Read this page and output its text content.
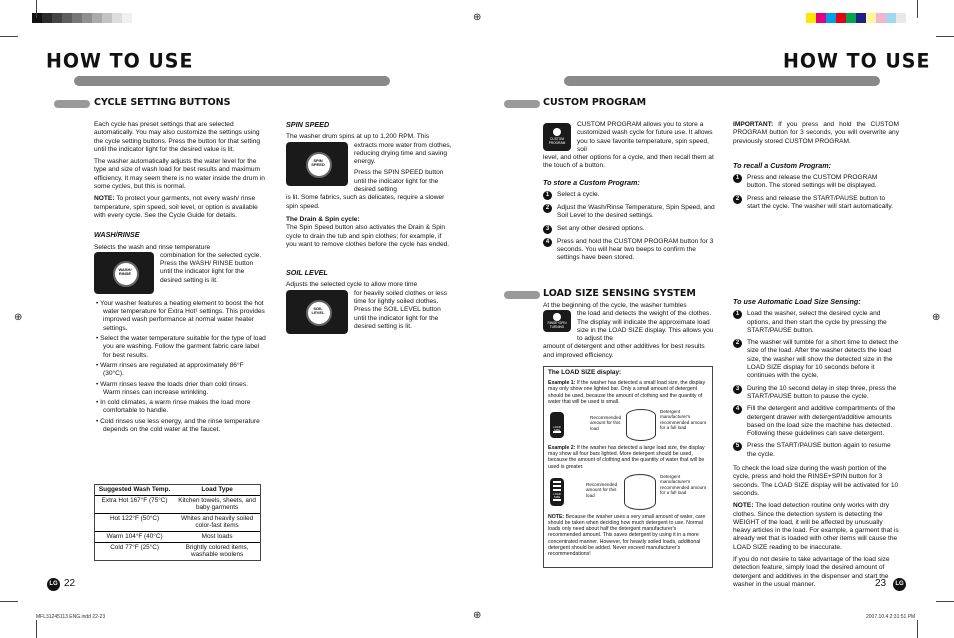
⊕
⊕	⊕
⊕
HOW TO USE	HOW TO USE
CYCLE SETTING BUTTONS
Each cycle has preset settings that are selected automatically. You may also customize the settings using the cycle setting buttons. Press the button for that setting until the indicator light for the desired value is lit.
The washer automatically adjusts the water level for the type and size of wash load for best results and maximum efficiency. It may seem there is no water inside the drum in some cycles, but this is normal.
NOTE: To protect your garments, not every wash/ rinse temperature, spin speed, soil level, or option is available with every cycle. See the Cycle Guide for details.
WASH/RINSE
Selects the wash and rinse temperature
WASH/ RINSE
combination for the selected cycle. Press the WASH/ RINSE button until the indicator light for the desired setting is lit.
• Your washer features a heating element to boost the hot water temperature for Extra Hot¹ settings. This provides improved wash performance at normal water heater settings.
• Select the water temperature suitable for the type of load you are washing. Follow the garment fabric care label for best results.
• Warm rinses are regulated at approximately 86°F (30°C).
• Warm rinses leave the loads drier than cold rinses. Warm rinses can increase wrinkling.
• In cold climates, a warm rinse makes the load more comfortable to handle.
• Cold rinses use less energy, and the rinse temperature depends on the cold water at the faucet.
Suggested Wash Temp.	Load Type
Extra Hot 167°F (75°C)	Kitchen towels, sheets, and baby garments
Hot 122°F (50°C)	Whites and heavily soiled color-fast items
Warm 104°F (40°C)	Most loads
Cold 77°F (25°C)	Brightly colored items, washable woolens
LG 22
SPIN SPEED
The washer drum spins at up to 1,200 RPM. This
SPIN SPEED
extracts more water from clothes, reducing drying time and saving energy.
Press the SPIN SPEED button until the indicator light for the desired setting
is lit. Some fabrics, such as delicates, require a slower spin speed.
The Drain & Spin cycle:
The Spin Speed button also activates the Drain & Spin cycle to drain the tub and spin clothes; for example, if you want to remove clothes before the cycle has ended.
SOIL LEVEL
Adjusts the selected cycle to allow more time
SOIL LEVEL
for heavily soiled clothes or less time for lightly soiled clothes. Press the SOIL LEVEL button until the indicator light for the desired setting is lit.
CUSTOM PROGRAM
CUSTOM PROGRAM
CUSTOM PROGRAM allows you to store a customized wash cycle for future use. It allows you to save favorite temperature, spin speed, soil
level, and other options for a cycle, and then recall them at the touch of a button.
To store a Custom Program:
1	Select a cycle.
2	Adjust the Wash/Rinse Temperature, Spin Speed, and Soil Level to the desired settings.
3	Set any other desired options.
4	Press and hold the CUSTOM PROGRAM button for 3 seconds. You will hear two beeps to confirm the settings have been stored.
LOAD SIZE SENSING SYSTEM
At the beginning of the cycle, the washer tumbles
RINSE+SPIN TURNING
the load and detects the weight of the clothes. The display will indicate the approximate load size in the LOAD SIZE display. This allows you to adjust the
amount of detergent and other additives for best results and improved efficiency.
The LOAD SIZE display:
Example 1: If the washer has detected a small load size, the display may only show one lighted bar. Only a small amount of detergent should be used, because the amount of clothing and the quantity of water that will be used is small.
LOAD SIZE
Recommended amount for this load
Detergent manufacturer's recommended amount for a full load
Example 2: If the washer has detected a large load size, the display may show all four bars lighted. More detergent should be used, because the amount of clothing and the quantity of water that will be used is greater.
LOAD SIZE
Recommended amount for this load
Detergent manufacturer's recommended amount for a full load
NOTE: Because the washer uses a very small amount of water, care should be taken when deciding how much detergent to use. Normal loads only need about half the detergent manufacturer's recommended amount. This saves detergent by using it in a more concentrated manner. However, for heavily soiled loads, additional detergent should be added. Never exceed manufacturer's recommendations!
IMPORTANT: If you press and hold the CUSTOM PROGRAM button for 3 seconds, you will overwrite any previously stored CUSTOM PROGRAM.
To recall a Custom Program:
1	Press and release the CUSTOM PROGRAM button. The stored settings will be displayed.
2	Press and release the START/PAUSE button to start the cycle. The washer will start automatically.
To use Automatic Load Size Sensing:
1	Load the washer, select the desired cycle and options, and then start the cycle by pressing the START/PAUSE button.
2	The washer will tumble for a short time to detect the size of the load. After the washer detects the load size, the washer will show the detected size in the LOAD SIZE display for 10 seconds before it continues with the cycle.
3	During the 10 second delay in step three, press the START/PAUSE button to pause the cycle.
4	Fill the detergent and additive compartments of the detergent drawer with detergent/additive amounts based on the load size the machine has detected. Following these guidelines can save detergent.
5	Press the START/PAUSE button again to resume the cycle.
To check the load size during the wash portion of the cycle, press and hold the RINSE+SPIN button for 3 seconds. The LOAD SIZE display will be activated for 10 seconds.
NOTE: The load detection routine only works with dry clothes. Since the detection system is detecting the WEIGHT of the load, it will be affected by unusually heavy articles in the load. For example, a garment that is already wet that is loaded with other items will cause the LOAD SIZE reading to be inaccurate.
If you do not desire to take advantage of the load size detection feature, simply load the desired amount of detergent and additives in the dispenser and start the washer in the usual manner.	23	LG
MFL31245113 ENG.indd 22-23	2007.10.4 2:31:51 PM
